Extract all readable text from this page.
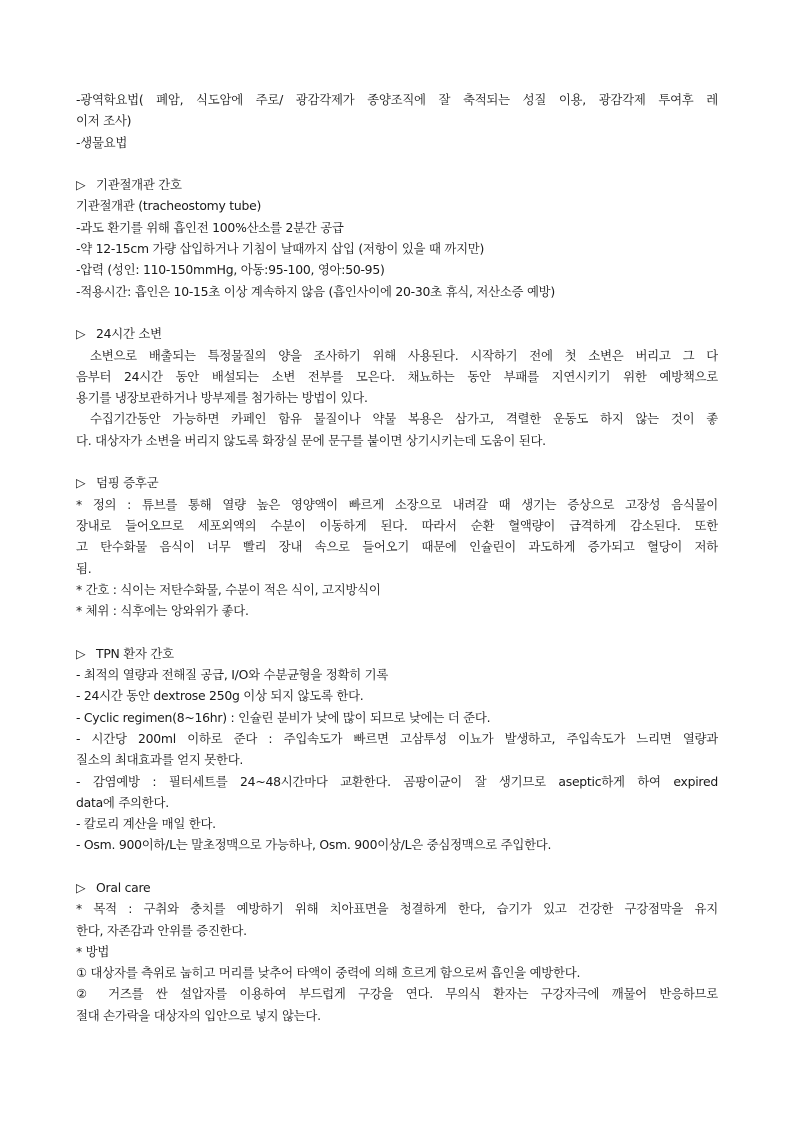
-광역학요법( 폐암, 식도암에 주로/ 광감각제가 종양조직에 잘 축적되는 성질 이용, 광감각제 투여후 레
이저 조사)
-생물요법
▷ 기관절개관 간호
기관절개관 (tracheostomy tube)
-과도 환기를 위해 흡인전 100%산소를 2분간 공급
-약 12-15cm 가량 삽입하거나 기침이 날때까지 삽입 (저항이 있을 때 까지만)
-압력 (성인: 110-150mmHg, 아동:95-100, 영아:50-95)
-적용시간: 흡인은 10-15초 이상 계속하지 않음 (흡인사이에 20-30초 휴식, 저산소증 예방)
▷ 24시간 소변
소변으로 배출되는 특정물질의 양을 조사하기 위해 사용된다. 시작하기 전에 첫 소변은 버리고 그 다
음부터 24시간 동안 배설되는 소변 전부를 모은다. 채뇨하는 동안 부패를 지연시키기 위한 예방책으로
용기를 냉장보관하거나 방부제를 첨가하는 방법이 있다.
수집기간동안 가능하면 카페인 함유 물질이나 약물 복용은 삼가고, 격렬한 운동도 하지 않는 것이 좋
다. 대상자가 소변을 버리지 않도록 화장실 문에 문구를 붙이면 상기시키는데 도움이 된다.
▷ 덤핑 증후군
* 정의 : 튜브를 통해 열량 높은 영양액이 빠르게 소장으로 내려갈 때 생기는 증상으로 고장성 음식물이
장내로 들어오므로 세포외액의 수분이 이동하게 된다. 따라서 순환 혈액량이 급격하게 감소된다. 또한
고 탄수화물 음식이 너무 빨리 장내 속으로 들어오기 때문에 인슐린이 과도하게 증가되고 혈당이 저하
됨.
* 간호 : 식이는 저탄수화물, 수분이 적은 식이, 고지방식이
* 체위 : 식후에는 앙와위가 좋다.
▷ TPN 환자 간호
- 최적의 열량과 전해질 공급, I/O와 수분균형을 정확히 기록
- 24시간 동안 dextrose 250g 이상 되지 않도록 한다.
- Cyclic regimen(8~16hr) : 인슐린 분비가 낮에 많이 되므로 낮에는 더 준다.
- 시간당 200ml 이하로 준다 : 주입속도가 빠르면 고삼투성 이뇨가 발생하고, 주입속도가 느리면 열량과
질소의 최대효과를 얻지 못한다.
- 감염예방 : 필터세트를 24~48시간마다 교환한다. 곰팡이균이 잘 생기므로 aseptic하게 하여 expired
data에 주의한다.
- 칼로리 계산을 매일 한다.
- Osm. 900이하/L는 말초정맥으로 가능하나, Osm. 900이상/L은 중심정맥으로 주입한다.
▷ Oral care
* 목적 : 구취와 충치를 예방하기 위해 치아표면을 청결하게 한다, 습기가 있고 건강한 구강점막을 유지
한다, 자존감과 안위를 증진한다.
* 방법
① 대상자를 측위로 눕히고 머리를 낮추어 타액이 중력에 의해 흐르게 함으로써 흡인을 예방한다.
② 거즈를 싼 설압자를 이용하여 부드럽게 구강을 연다. 무의식 환자는 구강자극에 깨물어 반응하므로
절대 손가락을 대상자의 입안으로 넣지 않는다.
